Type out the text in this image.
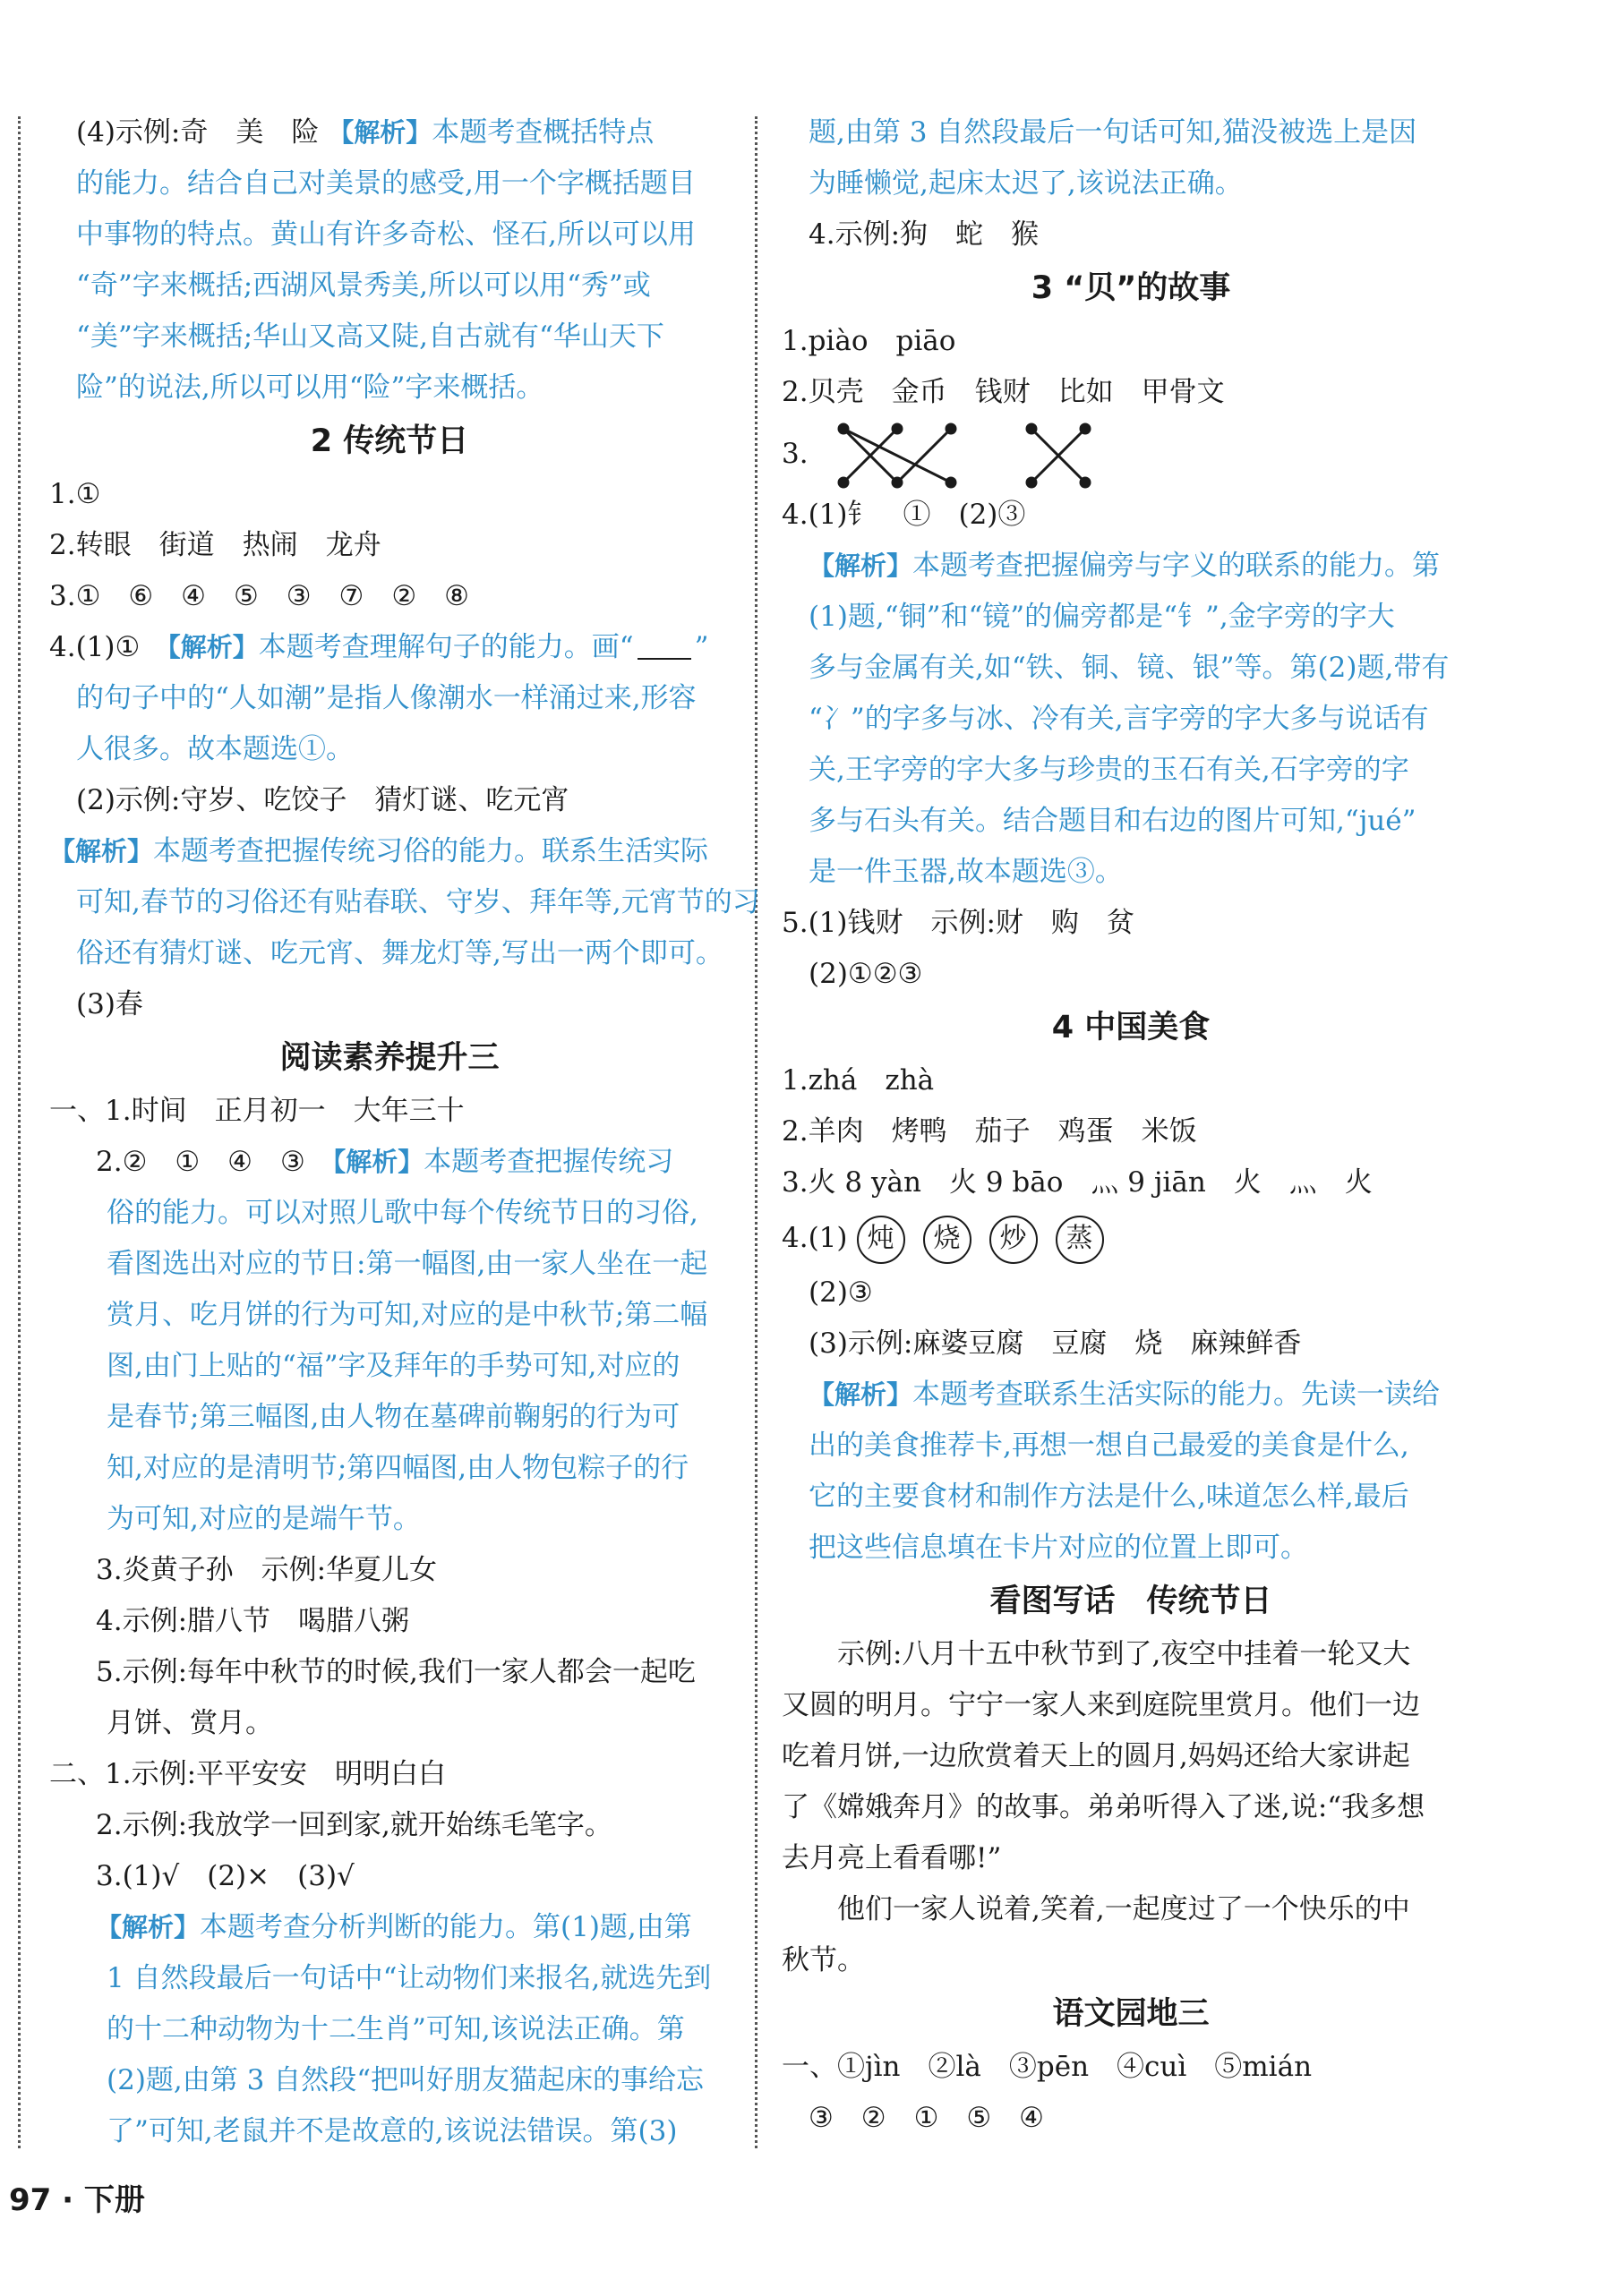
(4)示例:奇　美　险 【解析】本题考查概括特点
的能力。结合自己对美景的感受,用一个字概括题目
中事物的特点。黄山有许多奇松、怪石,所以可以用
“奇”字来概括;西湖风景秀美,所以可以用“秀”或
“美”字来概括;华山又高又陡,自古就有“华山天下
险”的说法,所以可以用“险”字来概括。
2 传统节日
1.①
2.转眼　街道　热闹　龙舟
3.①　⑥　④　⑤　③　⑦　②　⑧
4.(1)①　 【解析】本题考查理解句子的能力。画“ ”
的句子中的“人如潮”是指人像潮水一样涌过来,形容
人很多。故本题选①。
(2)示例:守岁、吃饺子　猜灯谜、吃元宵
【解析】本题考查把握传统习俗的能力。联系生活实际
可知,春节的习俗还有贴春联、守岁、拜年等,元宵节的习
俗还有猜灯谜、吃元宵、舞龙灯等,写出一两个即可。
(3)春
阅读素养提升三
一、1.时间　正月初一　大年三十
2.②　①　④　③　 【解析】本题考查把握传统习
俗的能力。可以对照儿歌中每个传统节日的习俗,
看图选出对应的节日:第一幅图,由一家人坐在一起
赏月、吃月饼的行为可知,对应的是中秋节;第二幅
图,由门上贴的“福”字及拜年的手势可知,对应的
是春节;第三幅图,由人物在墓碑前鞠躬的行为可
知,对应的是清明节;第四幅图,由人物包粽子的行
为可知,对应的是端午节。
3.炎黄子孙　示例:华夏儿女
4.示例:腊八节　喝腊八粥
5.示例:每年中秋节的时候,我们一家人都会一起吃
月饼、赏月。
二、1.示例:平平安安　明明白白
2.示例:我放学一回到家,就开始练毛笔字。
3.(1)√　(2)×　(3)√
【解析】本题考查分析判断的能力。第(1)题,由第
1 自然段最后一句话中“让动物们来报名,就选先到
的十二种动物为十二生肖”可知,该说法正确。第
(2)题,由第 3 自然段“把叫好朋友猫起床的事给忘
了”可知,老鼠并不是故意的,该说法错误。第(3)
题,由第 3 自然段最后一句话可知,猫没被选上是因
为睡懒觉,起床太迟了,该说法正确。
4.示例:狗　蛇　猴
3 “贝”的故事
1.piào　piāo
2.贝壳　金币　钱财　比如　甲骨文
3.
4.(1)钅　①　(2)③
【解析】本题考查把握偏旁与字义的联系的能力。第
(1)题,“铜”和“镜”的偏旁都是“钅”,金字旁的字大
多与金属有关,如“铁、铜、镜、银”等。第(2)题,带有
“冫”的字多与冰、冷有关,言字旁的字大多与说话有
关,王字旁的字大多与珍贵的玉石有关,石字旁的字
多与石头有关。结合题目和右边的图片可知,“jué”
是一件玉器,故本题选③。
5.(1)钱财　示例:财　购　贫
(2)①②③
4 中国美食
1.zhá　zhà
2.羊肉　烤鸭　茄子　鸡蛋　米饭
3.火 8 yàn　火 9 bāo　灬 9 jiān　火　灬　火
4.(1) 炖 烧 炒 蒸
(2)③
(3)示例:麻婆豆腐　豆腐　烧　麻辣鲜香
【解析】本题考查联系生活实际的能力。先读一读给
出的美食推荐卡,再想一想自己最爱的美食是什么,
它的主要食材和制作方法是什么,味道怎么样,最后
把这些信息填在卡片对应的位置上即可。
看图写话　传统节日
　　示例:八月十五中秋节到了,夜空中挂着一轮又大
又圆的明月。宁宁一家人来到庭院里赏月。他们一边
吃着月饼,一边欣赏着天上的圆月,妈妈还给大家讲起
了《嫦娥奔月》的故事。弟弟听得入了迷,说:“我多想
去月亮上看看哪!”
　　他们一家人说着,笑着,一起度过了一个快乐的中
秋节。
语文园地三
一、①jìn　②là　③pēn　④cuì　⑤mián
③　②　①　⑤　④
97 · 下册
